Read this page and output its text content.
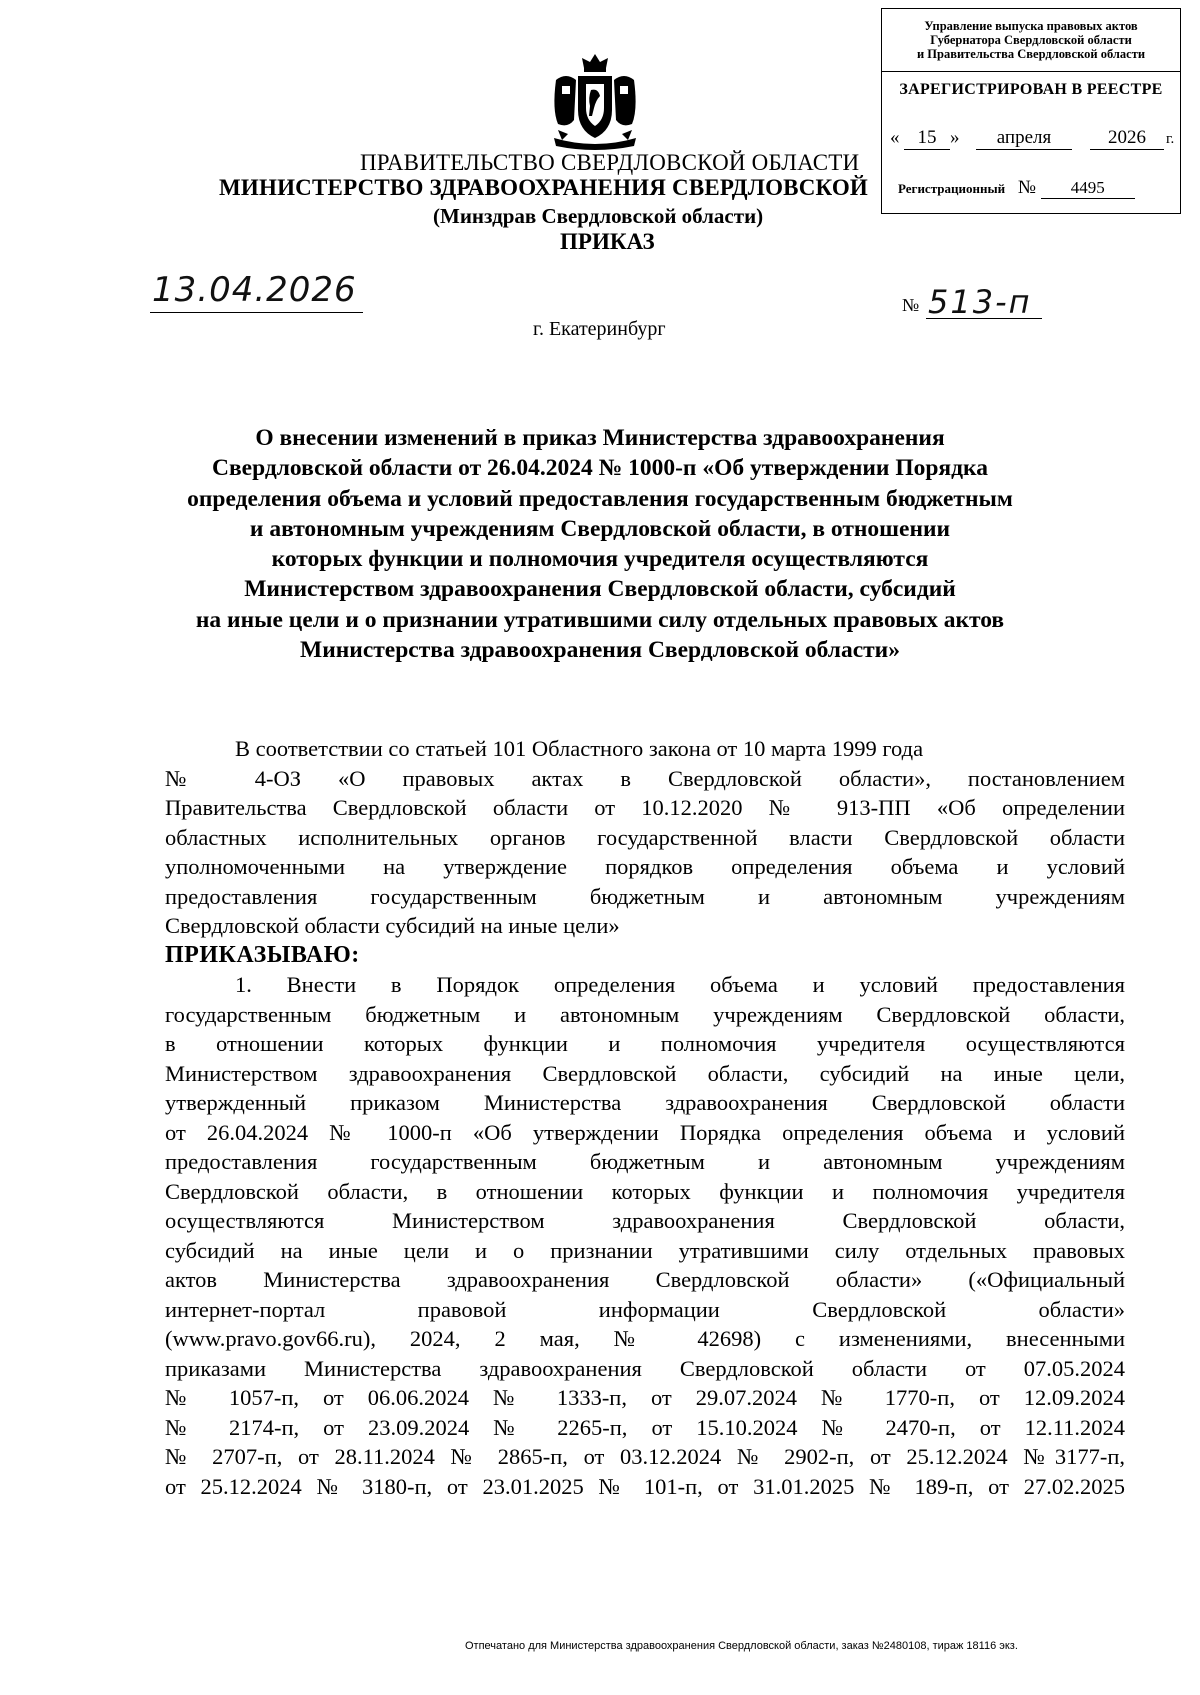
Управление выпуска правовых актов
Губернатора Свердловской области
и Правительства Свердловской области
ЗАРЕГИСТРИРОВАН В РЕЕСТРЕ
« 15 »	апреля	2026	г.
Регистрационный № 4495
ПРАВИТЕЛЬСТВО СВЕРДЛОВСКОЙ ОБЛАСТИ
МИНИСТЕРСТВО ЗДРАВООХРАНЕНИЯ СВЕРДЛОВСКОЙ
(Минздрав Свердловской области)
ПРИКАЗ
13.04.2026	№ 513-п
г. Екатеринбург
О внесении изменений в приказ Министерства здравоохранения
Свердловской области от 26.04.2024 № 1000-п «Об утверждении Порядка
определения объема и условий предоставления государственным бюджетным
и автономным учреждениям Свердловской области, в отношении
которых функции и полномочия учредителя осуществляются
Министерством здравоохранения Свердловской области, субсидий
на иные цели и о признании утратившими силу отдельных правовых актов
Министерства здравоохранения Свердловской области»
В соответствии со статьей 101 Областного закона от 10 марта 1999 года
№ 4-ОЗ «О правовых актах в Свердловской области», постановлением
Правительства Свердловской области от 10.12.2020 № 913-ПП «Об определении
областных исполнительных органов государственной власти Свердловской области
уполномоченными на утверждение порядков определения объема и условий
предоставления государственным бюджетным и автономным учреждениям
Свердловской области субсидий на иные цели»
ПРИКАЗЫВАЮ:
1. Внести в Порядок определения объема и условий предоставления
государственным бюджетным и автономным учреждениям Свердловской области,
в отношении которых функции и полномочия учредителя осуществляются
Министерством здравоохранения Свердловской области, субсидий на иные цели,
утвержденный приказом Министерства здравоохранения Свердловской области
от 26.04.2024 № 1000-п «Об утверждении Порядка определения объема и условий
предоставления государственным бюджетным и автономным учреждениям
Свердловской области, в отношении которых функции и полномочия учредителя
осуществляются Министерством здравоохранения Свердловской области,
субсидий на иные цели и о признании утратившими силу отдельных правовых
актов Министерства здравоохранения Свердловской области» («Официальный
интернет-портал правовой информации Свердловской области»
(www.pravo.gov66.ru), 2024, 2 мая, № 42698) с изменениями, внесенными
приказами Министерства здравоохранения Свердловской области от 07.05.2024
№ 1057-п, от 06.06.2024 № 1333-п, от 29.07.2024 № 1770-п, от 12.09.2024
№ 2174-п, от 23.09.2024 № 2265-п, от 15.10.2024 № 2470-п, от 12.11.2024
№ 2707-п, от 28.11.2024 № 2865-п, от 03.12.2024 № 2902-п, от 25.12.2024 №3177-п,
от 25.12.2024 № 3180-п, от 23.01.2025 № 101-п, от 31.01.2025 № 189-п, от 27.02.2025
Отпечатано для Министерства здравоохранения Свердловской области, заказ №2480108, тираж 18116 экз.
